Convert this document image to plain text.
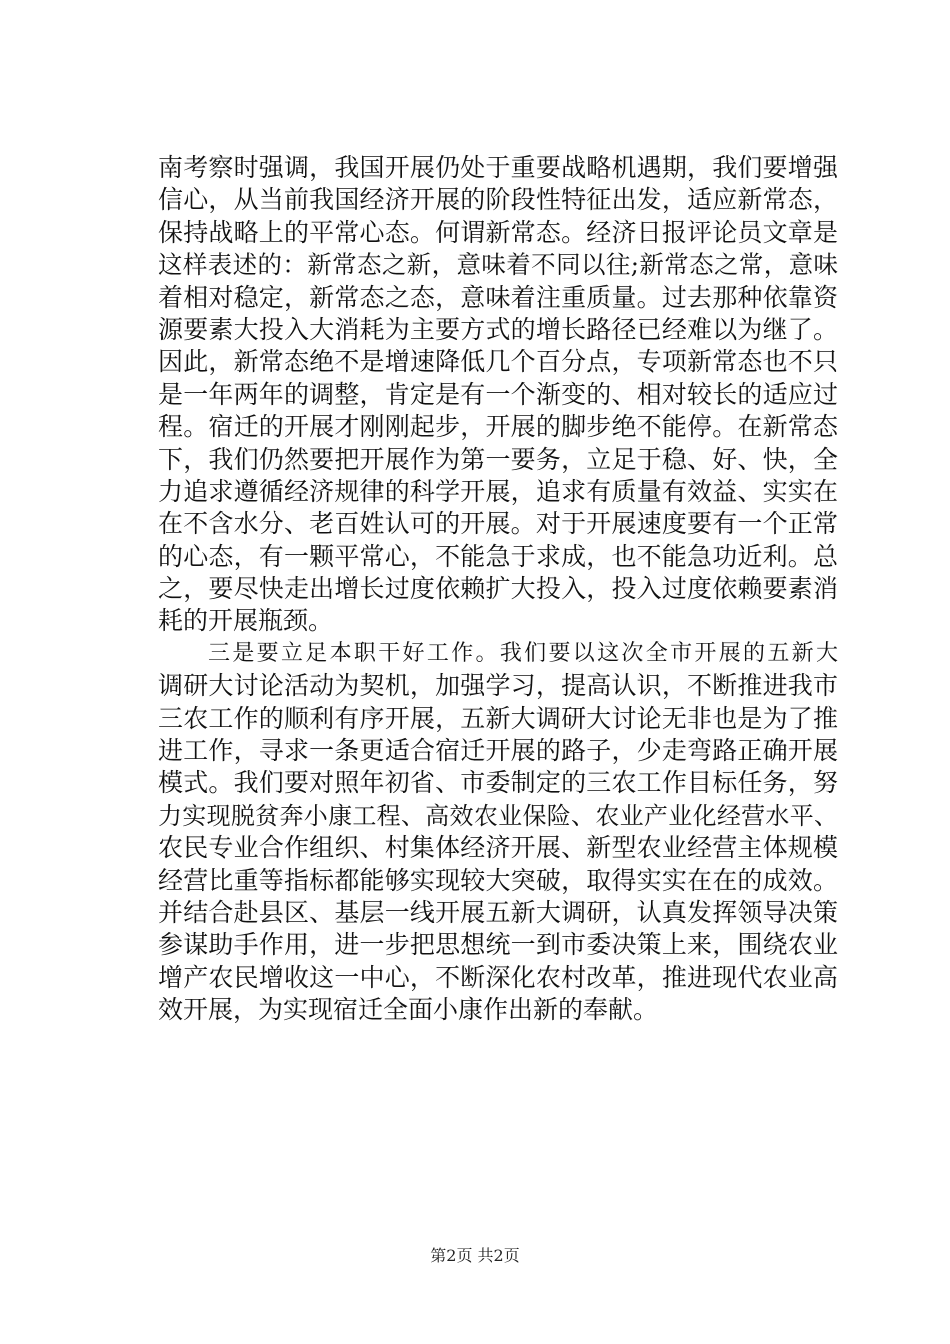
南考察时强调，我国开展仍处于重要战略机遇期，我们要增强
信心，从当前我国经济开展的阶段性特征出发，适应新常态，
保持战略上的平常心态。何谓新常态。经济日报评论员文章是
这样表述的：新常态之新，意味着不同以往;新常态之常，意味
着相对稳定，新常态之态，意味着注重质量。过去那种依靠资
源要素大投入大消耗为主要方式的增长路径已经难以为继了。
因此，新常态绝不是增速降低几个百分点，专项新常态也不只
是一年两年的调整，肯定是有一个渐变的、相对较长的适应过
程。宿迁的开展才刚刚起步，开展的脚步绝不能停。在新常态
下，我们仍然要把开展作为第一要务，立足于稳、好、快，全
力追求遵循经济规律的科学开展，追求有质量有效益、实实在
在不含水分、老百姓认可的开展。对于开展速度要有一个正常
的心态，有一颗平常心，不能急于求成，也不能急功近利。总
之，要尽快走出增长过度依赖扩大投入，投入过度依赖要素消
耗的开展瓶颈。
三是要立足本职干好工作。我们要以这次全市开展的五新大
调研大讨论活动为契机，加强学习，提高认识，不断推进我市
三农工作的顺利有序开展，五新大调研大讨论无非也是为了推
进工作，寻求一条更适合宿迁开展的路子，少走弯路正确开展
模式。我们要对照年初省、市委制定的三农工作目标任务，努
力实现脱贫奔小康工程、高效农业保险、农业产业化经营水平、
农民专业合作组织、村集体经济开展、新型农业经营主体规模
经营比重等指标都能够实现较大突破，取得实实在在的成效。
并结合赴县区、基层一线开展五新大调研，认真发挥领导决策
参谋助手作用，进一步把思想统一到市委决策上来，围绕农业
增产农民增收这一中心，不断深化农村改革，推进现代农业高
效开展，为实现宿迁全面小康作出新的奉献。
第2页 共2页
